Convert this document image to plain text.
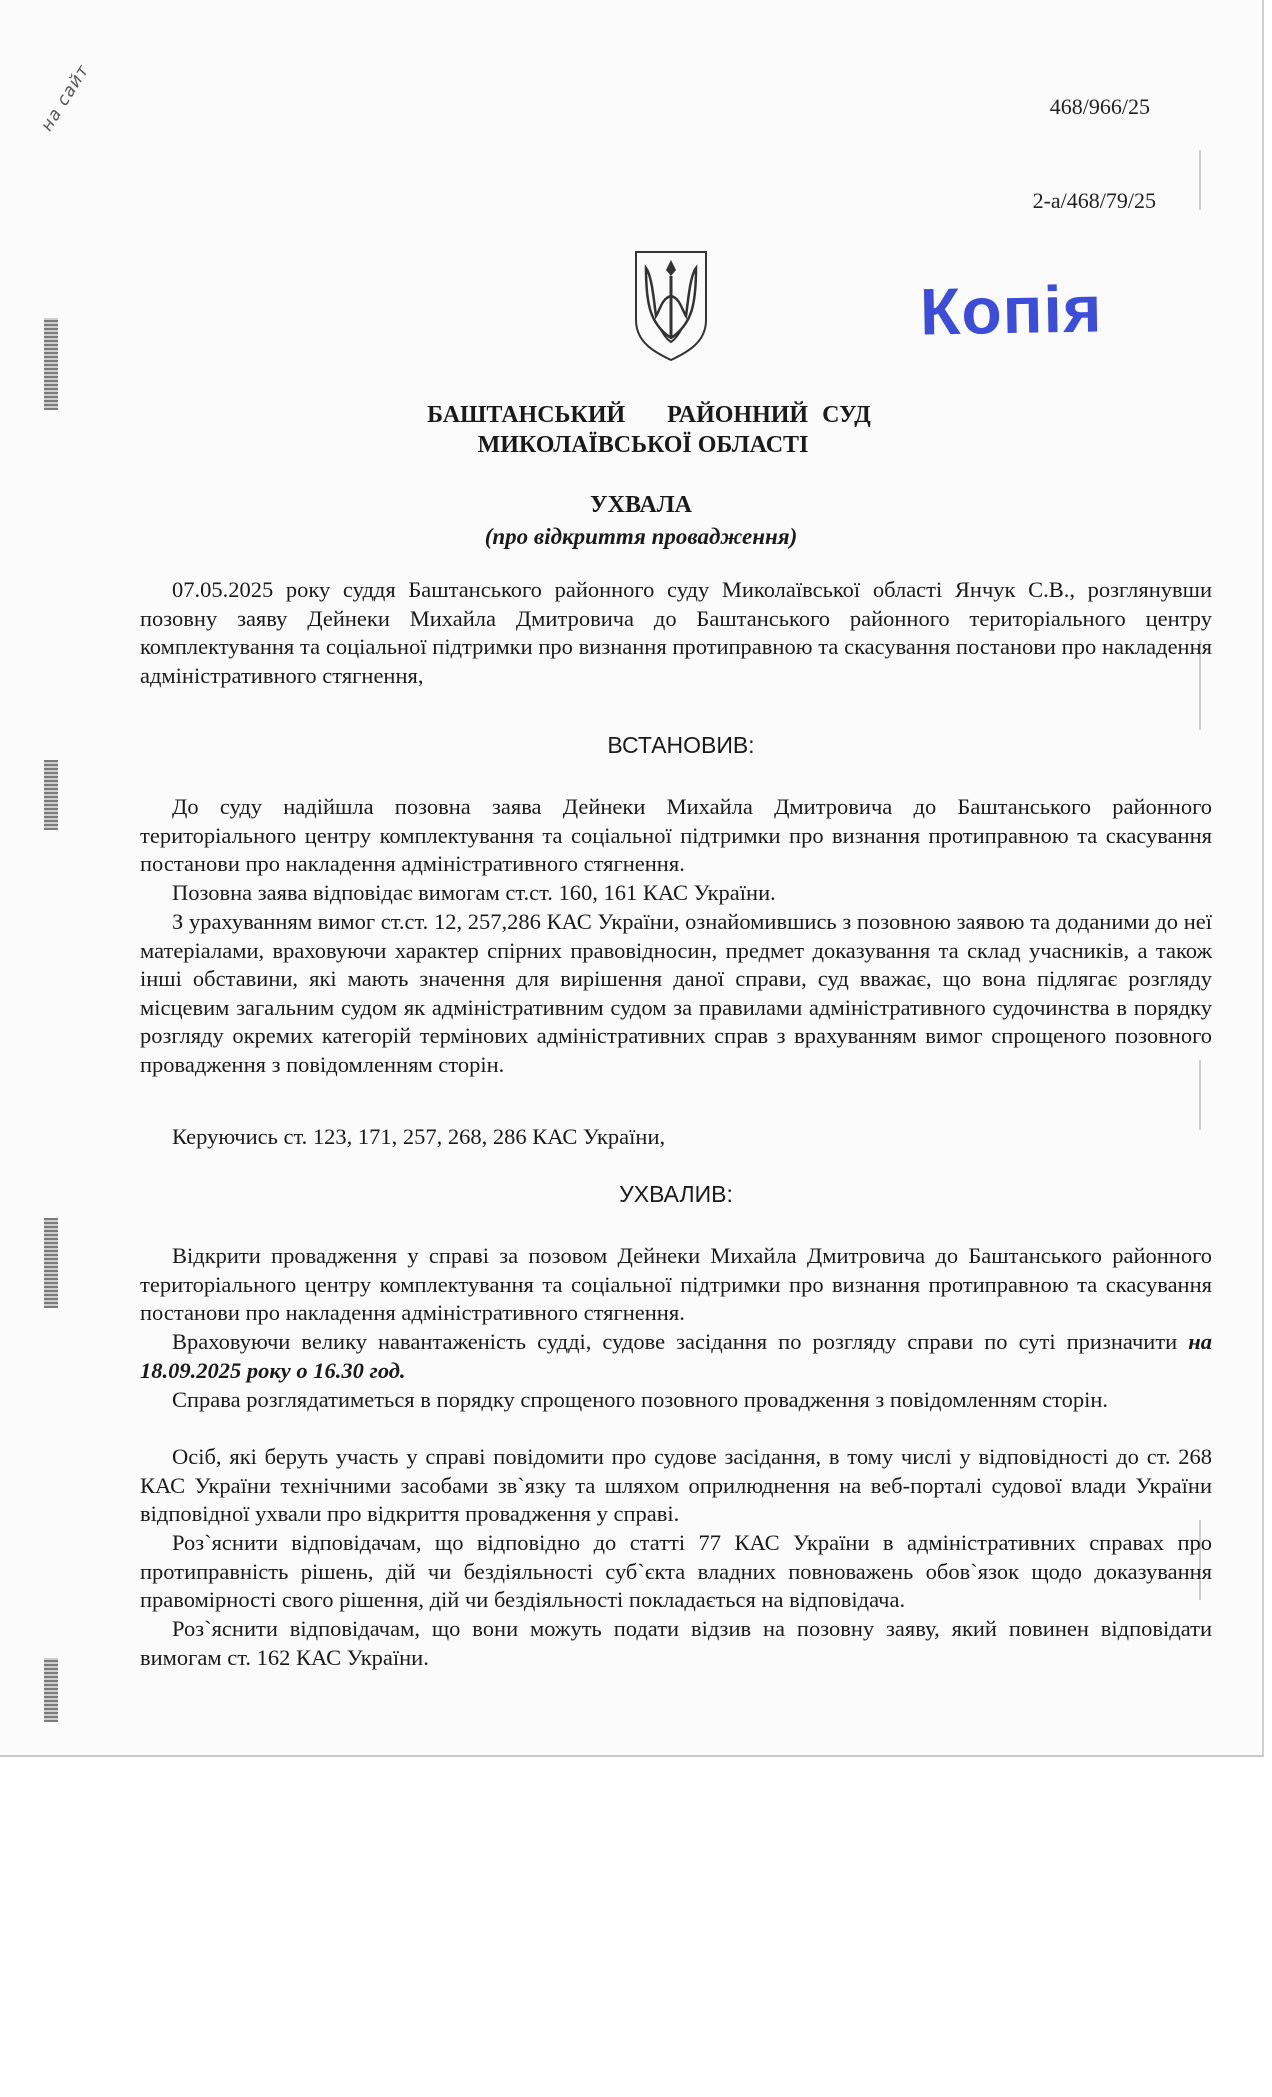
на сайт	468/966/25
2-а/468/79/25
Копія
БАШТАНСЬКИЙ   РАЙОННИЙ СУД
МИКОЛАЇВСЬКОЇ ОБЛАСТІ
УХВАЛА
(про відкриття провадження)

07.05.2025 року суддя Баштанського районного суду Миколаївської області Янчук С.В., розглянувши позовну заяву Дейнеки Михайла Дмитровича до Баштанського районного територіального центру комплектування та соціальної підтримки про визнання протиправною та скасування постанови про накладення адміністративного стягнення,

ВСТАНОВИВ:

До суду надійшла позовна заява Дейнеки Михайла Дмитровича до Баштанського районного територіального центру комплектування та соціальної підтримки про визнання протиправною та скасування постанови про накладення адміністративного стягнення.

Позовна заява відповідає вимогам ст.ст. 160, 161 КАС України.

З урахуванням вимог ст.ст. 12, 257,286 КАС України, ознайомившись з позовною заявою та доданими до неї матеріалами, враховуючи характер спірних правовідносин, предмет доказування та склад учасників, а також інші обставини, які мають значення для вирішення даної справи, суд вважає, що вона підлягає розгляду місцевим загальним судом як адміністративним судом за правилами адміністративного судочинства в порядку розгляду окремих категорій термінових адміністративних справ з врахуванням вимог спрощеного позовного провадження з повідомленням сторін.

Керуючись ст. 123, 171, 257, 268, 286 КАС України,

УХВАЛИВ:

Відкрити провадження у справі за позовом Дейнеки Михайла Дмитровича до Баштанського районного територіального центру комплектування та соціальної підтримки про визнання протиправною та скасування постанови про накладення адміністративного стягнення.

Враховуючи велику навантаженість судді, судове засідання по розгляду справи по суті призначити на 18.09.2025 року о 16.30 год.

Справа розглядатиметься в порядку спрощеного позовного провадження з повідомленням сторін.

Осіб, які беруть участь у справі повідомити про судове засідання, в тому числі у відповідності до ст. 268 КАС України технічними засобами зв`язку та шляхом оприлюднення на веб-порталі судової влади України відповідної ухвали про відкриття провадження у справі.

Роз`яснити відповідачам, що відповідно до статті 77 КАС України в адміністративних справах про протиправність рішень, дій чи бездіяльності суб`єкта владних повноважень обов`язок щодо доказування правомірності свого рішення, дій чи бездіяльності покладається на відповідача.

Роз`яснити відповідачам, що вони можуть подати відзив на позовну заяву, який повинен відповідати вимогам ст. 162 КАС України.
